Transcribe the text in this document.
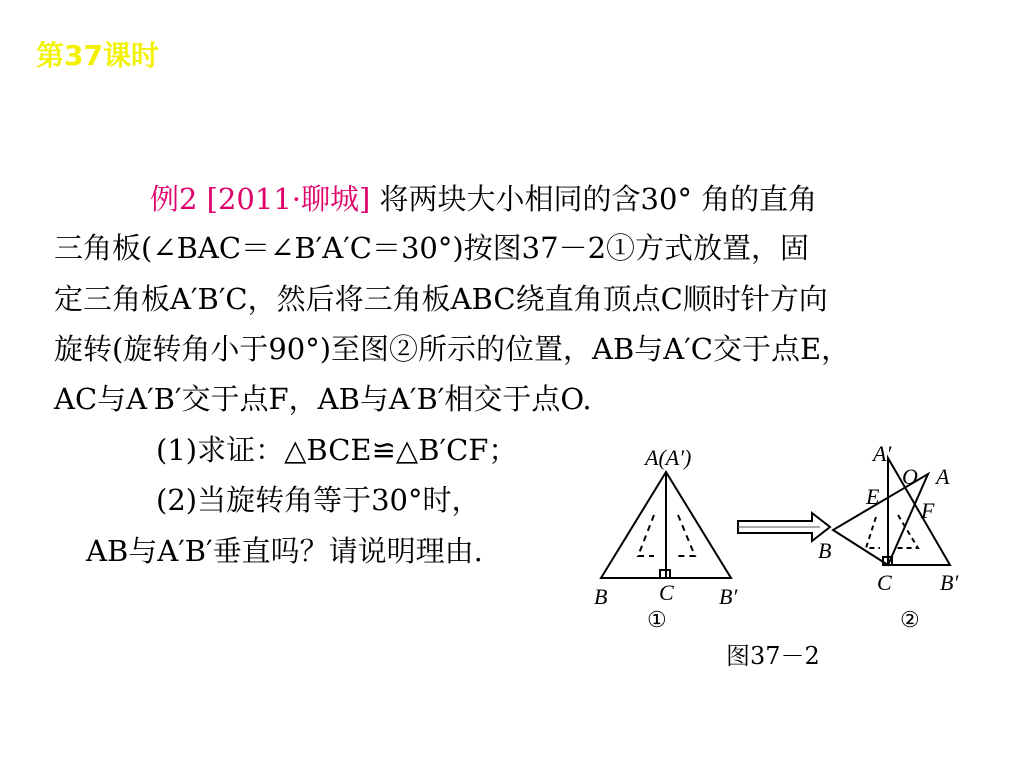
第37课时
例2 [2011·聊城] 将两块大小相同的含30° 角的直角
三角板(∠BAC＝∠B′A′C＝30°)按图37－2①方式放置，固
定三角板A′B′C，然后将三角板ABC绕直角顶点C顺时针方向
旋转(旋转角小于90°)至图②所示的位置，AB与A′C交于点E，
AC与A′B′交于点F，AB与A′B′相交于点O.
(1)求证：△BCE≌△B′CF；
(2)当旋转角等于30°时，
AB与A′B′垂直吗？请说明理由.
A(A′)
B C B′
①
A′
O A
E
F
B
C B′
②
图37－2
